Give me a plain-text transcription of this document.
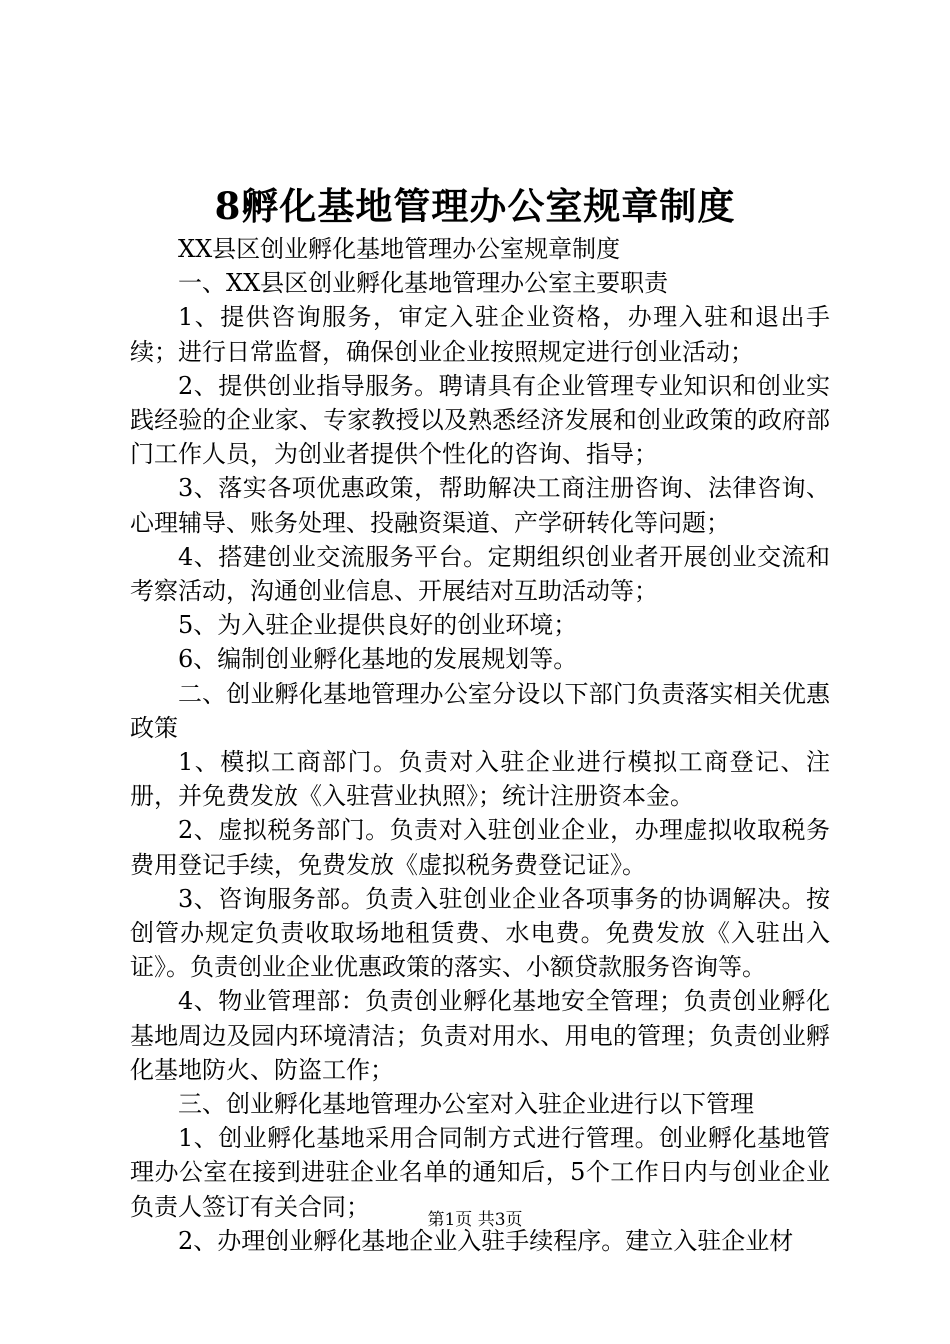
8孵化基地管理办公室规章制度

XX县区创业孵化基地管理办公室规章制度

一、XX县区创业孵化基地管理办公室主要职责

1、提供咨询服务，审定入驻企业资格，办理入驻和退出手续；进行日常监督，确保创业企业按照规定进行创业活动；

2、提供创业指导服务。聘请具有企业管理专业知识和创业实践经验的企业家、专家教授以及熟悉经济发展和创业政策的政府部门工作人员，为创业者提供个性化的咨询、指导；

3、落实各项优惠政策，帮助解决工商注册咨询、法律咨询、心理辅导、账务处理、投融资渠道、产学研转化等问题；

4、搭建创业交流服务平台。定期组织创业者开展创业交流和考察活动，沟通创业信息、开展结对互助活动等；

5、为入驻企业提供良好的创业环境；

6、编制创业孵化基地的发展规划等。

二、创业孵化基地管理办公室分设以下部门负责落实相关优惠政策

1、模拟工商部门。负责对入驻企业进行模拟工商登记、注册，并免费发放《入驻营业执照》；统计注册资本金。

2、虚拟税务部门。负责对入驻创业企业，办理虚拟收取税务费用登记手续，免费发放《虚拟税务费登记证》。

3、咨询服务部。负责入驻创业企业各项事务的协调解决。按创管办规定负责收取场地租赁费、水电费。免费发放《入驻出入证》。负责创业企业优惠政策的落实、小额贷款服务咨询等。

4、物业管理部：负责创业孵化基地安全管理；负责创业孵化基地周边及园内环境清洁；负责对用水、用电的管理；负责创业孵化基地防火、防盗工作；

三、创业孵化基地管理办公室对入驻企业进行以下管理

1、创业孵化基地采用合同制方式进行管理。创业孵化基地管理办公室在接到进驻企业名单的通知后，5个工作日内与创业企业负责人签订有关合同；

2、办理创业孵化基地企业入驻手续程序。建立入驻企业材

第1页 共3页
